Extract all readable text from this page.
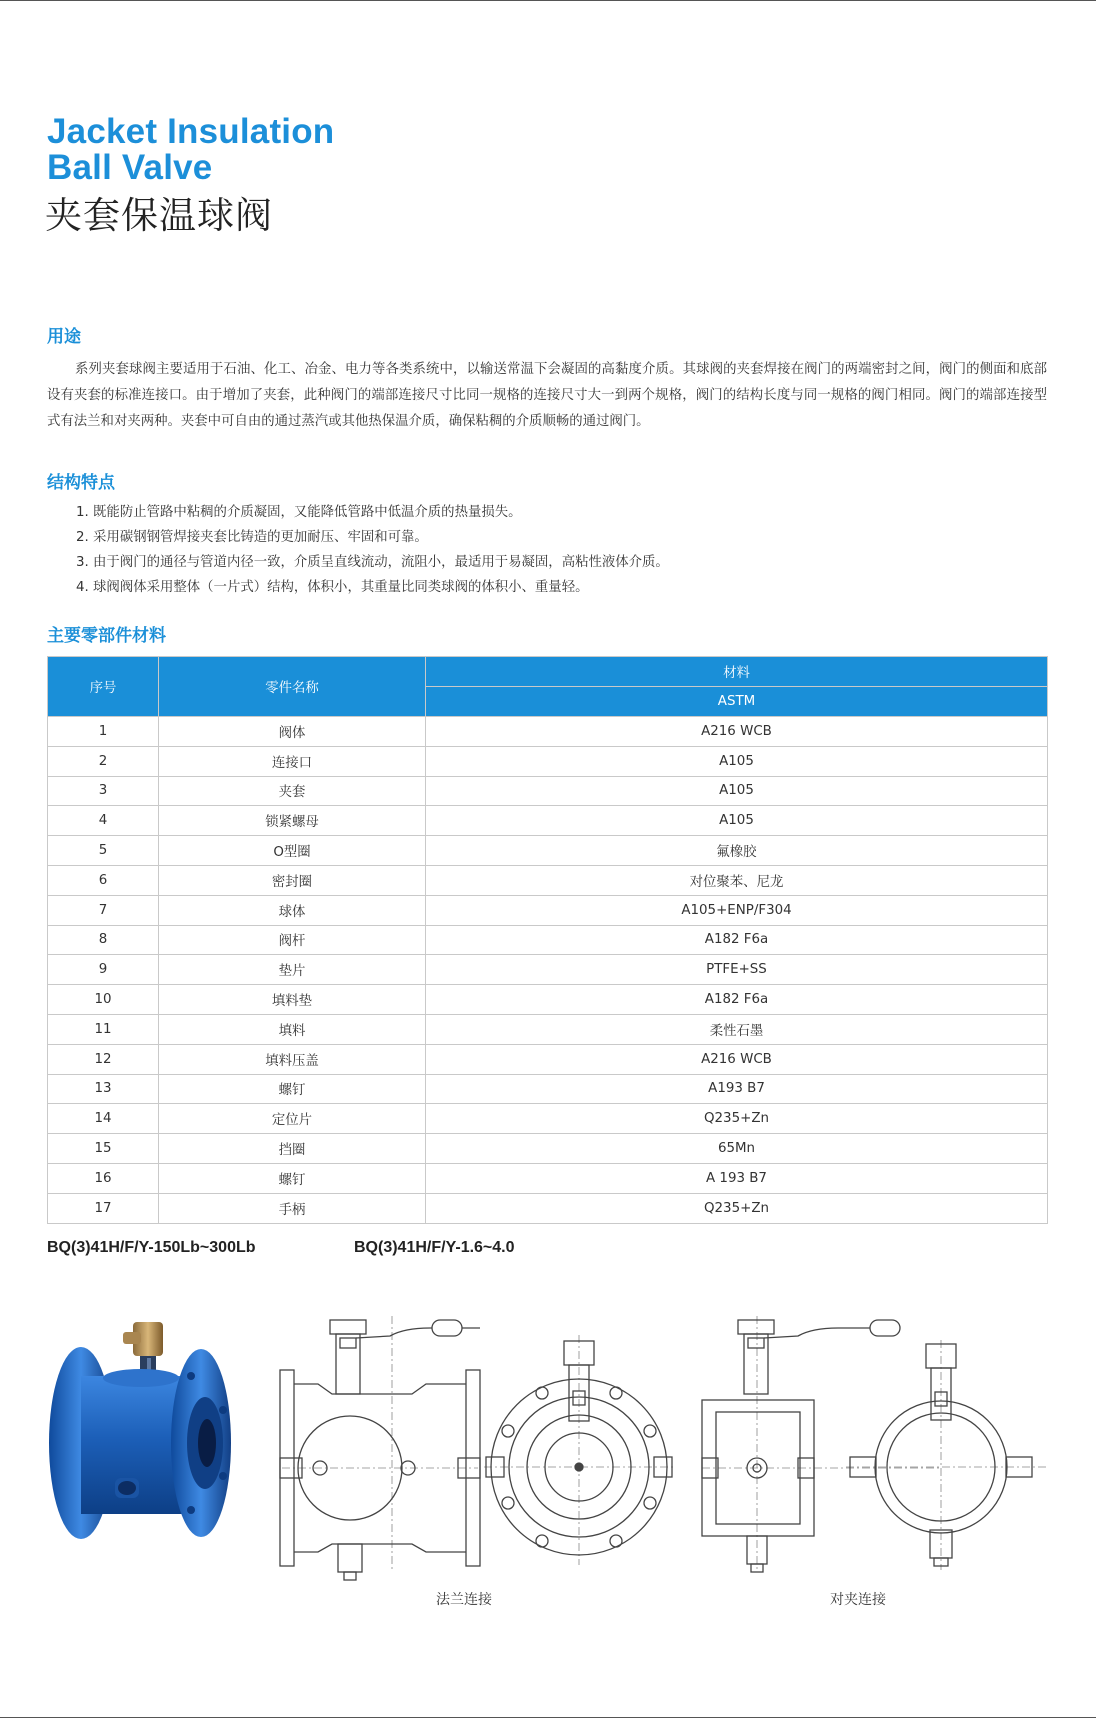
Jacket Insulation
Ball Valve
夹套保温球阀
用途

系列夹套球阀主要适用于石油、化工、冶金、电力等各类系统中，以输送常温下会凝固的高黏度介质。其球阀的夹套焊接在阀门的两端密封之间，阀门的侧面和底部设有夹套的标准连接口。由于增加了夹套，此种阀门的端部连接尺寸比同一规格的连接尺寸大一到两个规格，阀门的结构长度与同一规格的阀门相同。阀门的端部连接型式有法兰和对夹两种。夹套中可自由的通过蒸汽或其他热保温介质，确保粘稠的介质顺畅的通过阀门。

结构特点
1. 既能防止管路中粘稠的介质凝固，又能降低管路中低温介质的热量损失。
2. 采用碳钢钢管焊接夹套比铸造的更加耐压、牢固和可靠。
3. 由于阀门的通径与管道内径一致，介质呈直线流动，流阻小，最适用于易凝固，高粘性液体介质。
4. 球阀阀体采用整体（一片式）结构，体积小，其重量比同类球阀的体积小、重量轻。
主要零部件材料
序号	零件名称	材料
		ASTM
1	阀体	A216 WCB
2	连接口	A105
3	夹套	A105
4	锁紧螺母	A105
5	O型圈	氟橡胶
6	密封圈	对位聚苯、尼龙
7	球体	A105+ENP/F304
8	阀杆	A182 F6a
9	垫片	PTFE+SS
10	填料垫	A182 F6a
11	填料	柔性石墨
12	填料压盖	A216 WCB
13	螺钉	A193 B7
14	定位片	Q235+Zn
15	挡圈	65Mn
16	螺钉	A 193 B7
17	手柄	Q235+Zn

BQ(3)41H/F/Y-150Lb~300Lb	BQ(3)41H/F/Y-1.6~4.0

法兰连接	对夹连接
